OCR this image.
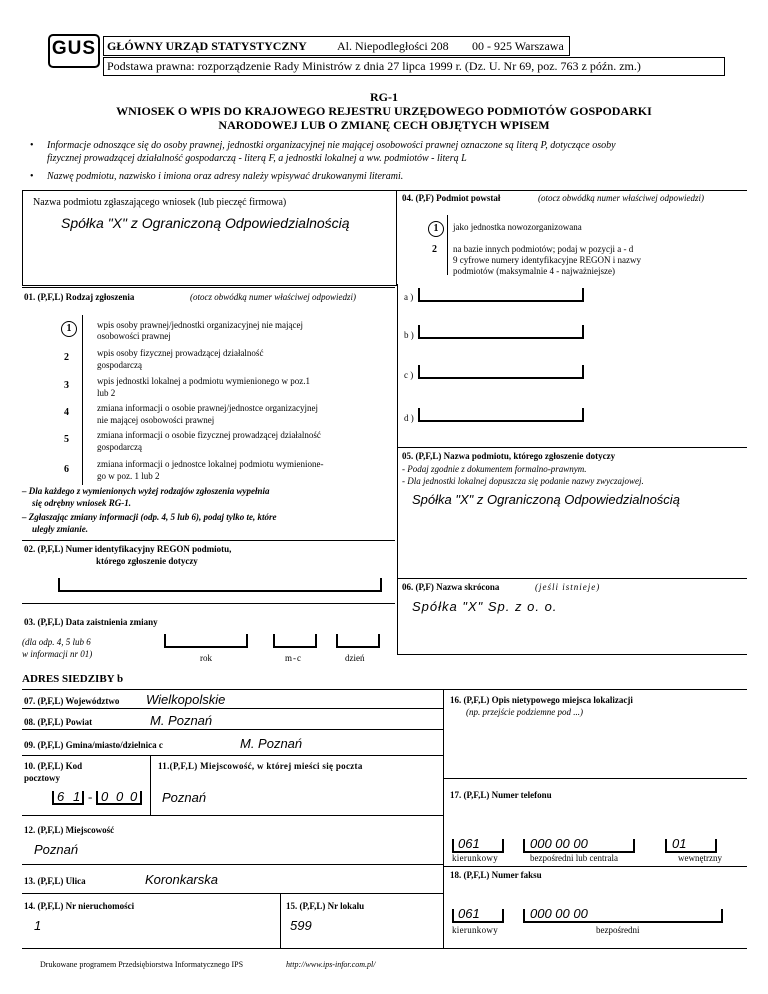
GUS GŁÓWNY URZĄD STATYSTYCZNY	Al. Niepodległości 208 00 - 925 Warszawa
Podstawa prawna: rozporządzenie Rady Ministrów z dnia 27 lipca 1999 r. (Dz. U. Nr 69, poz. 763 z późn. zm.)
RG-1
WNIOSEK O WPIS DO KRAJOWEGO REJESTRU URZĘDOWEGO PODMIOTÓW GOSPODARKI
NARODOWEJ LUB O ZMIANĘ CECH OBJĘTYCH WPISEM
• Informacje odnoszące się do osoby prawnej, jednostki organizacyjnej nie mającej osobowości prawnej oznaczone są literą P, dotyczące osoby
fizycznej prowadzącej działalność gospodarczą - literą F, a jednostki lokalnej a ww. podmiotów - literą L
• Nazwę podmiotu, nazwisko i imiona oraz adresy należy wpisywać drukowanymi literami.
Nazwa podmiotu zgłaszającego wniosek (lub pieczęć firmowa)
Spółka "X" z Ograniczoną Odpowiedzialnością
04. (P,F) Podmiot powstał	(otocz obwódką numer właściwej odpowiedzi)
1	jako jednostka nowozorganizowana
2 na bazie innych podmiotów; podaj w pozycji a - d
9 cyfrowe numery identyfikacyjne REGON i nazwy
podmiotów (maksymalnie 4 - najważniejsze)
a )
b )
c )
d )
01. (P,F,L) Rodzaj zgłoszenia	(otocz obwódką numer właściwej odpowiedzi)
1	wpis osoby prawnej/jednostki organizacyjnej nie mającej
osobowości prawnej
2	wpis osoby fizycznej prowadzącej działalność
gospodarczą
3	wpis jednostki lokalnej a podmiotu wymienionego w poz.1
lub 2
4	zmiana informacji o osobie prawnej/jednostce organizacyjnej
nie mającej osobowości prawnej
5	zmiana informacji o osobie fizycznej prowadzącej działalność
gospodarczą
6	zmiana informacji o jednostce lokalnej podmiotu wymienione-
go w poz. 1 lub 2
– Dla każdego z wymienionych wyżej rodzajów zgłoszenia wypełnia
się odrębny wniosek RG-1.
– Zgłaszając zmiany informacji (odp. 4, 5 lub 6), podaj tylko te, które
uległy zmianie.
05. (P,F,L) Nazwa podmiotu, którego zgłoszenie dotyczy
- Podaj zgodnie z dokumentem formalno-prawnym.
- Dla jednostki lokalnej dopuszcza się podanie nazwy zwyczajowej.
Spółka "X" z Ograniczoną Odpowiedzialnością
02. (P,F,L) Numer identyfikacyjny REGON podmiotu,
którego zgłoszenie dotyczy
06. (P,F) Nazwa skrócona	(jeśli istnieje)
Spółka "X" Sp. z o. o.
03. (P,F,L) Data zaistnienia zmiany
(dla odp. 4, 5 lub 6
w informacji nr 01)	rok	m-c	dzień
ADRES SIEDZIBY b
07. (P,F,L) Województwo Wielkopolskie
08. (P,F,L) Powiat	M. Poznań
09. (P,F,L) Gmina/miasto/dzielnica c	M. Poznań
10. (P,F,L) Kod
pocztowy
11.(P,F,L) Miejscowość, w której mieści się poczta
6 1 - 0 0 0 Poznań
12. (P,F,L) Miejscowość
Poznań
13. (P,F,L) Ulica	Koronkarska
14. (P,F,L) Nr nieruchomości	15. (P,F,L) Nr lokalu
1	599
16. (P,F,L) Opis nietypowego miejsca lokalizacji
(np. przejście podziemne pod ...)
17. (P,F,L) Numer telefonu
061	000 00 00	01
kierunkowy	bezpośredni lub centrala	wewnętrzny
18. (P,F,L) Numer faksu
061	000 00 00
kierunkowy	bezpośredni
Drukowane programem Przedsiębiorstwa Informatycznego IPS	http://www.ips-infor.com.pl/
